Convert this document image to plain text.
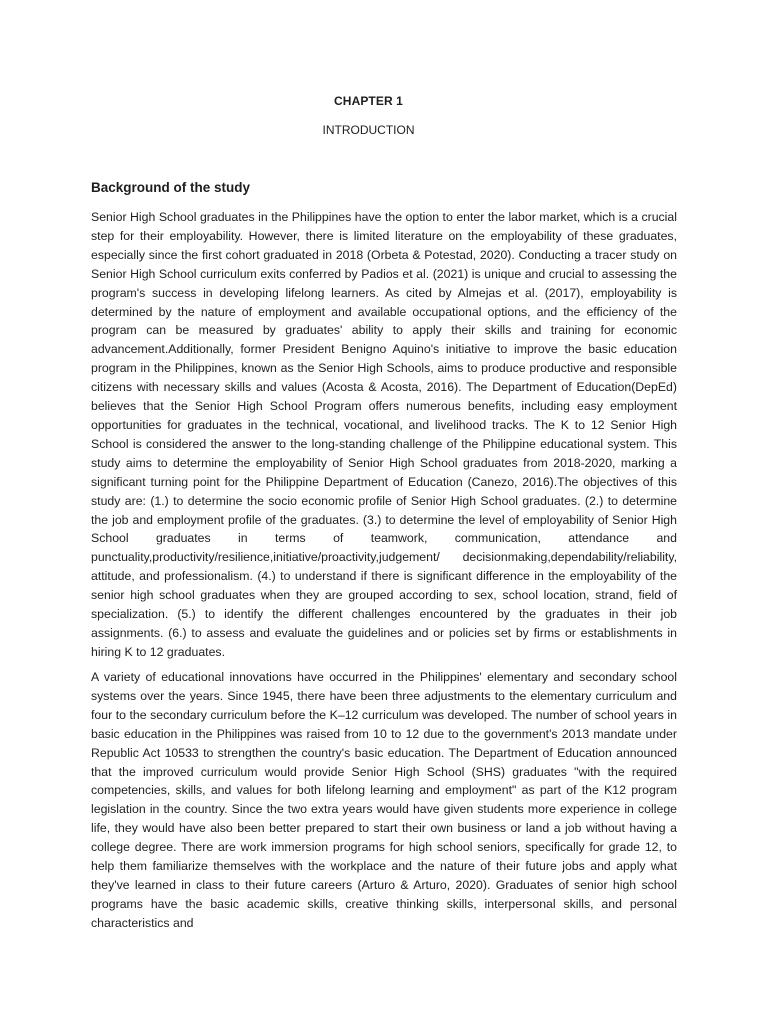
CHAPTER 1
INTRODUCTION
Background of the study

Senior High School graduates in the Philippines have the option to enter the labor market, which is a crucial step for their employability. However, there is limited literature on the employability of these graduates, especially since the first cohort graduated in 2018 (Orbeta & Potestad, 2020). Conducting a tracer study on Senior High School curriculum exits conferred by Padios et al. (2021) is unique and crucial to assessing the program's success in developing lifelong learners. As cited by Almejas et al. (2017), employability is determined by the nature of employment and available occupational options, and the efficiency of the program can be measured by graduates' ability to apply their skills and training for economic advancement.Additionally, former President Benigno Aquino's initiative to improve the basic education program in the Philippines, known as the Senior High Schools, aims to produce productive and responsible citizens with necessary skills and values (Acosta & Acosta, 2016). The Department of Education(DepEd) believes that the Senior High School Program offers numerous benefits, including easy employment opportunities for graduates in the technical, vocational, and livelihood tracks. The K to 12 Senior High School is considered the answer to the long-standing challenge of the Philippine educational system. This study aims to determine the employability of Senior High School graduates from 2018-2020, marking a significant turning point for the Philippine Department of Education (Canezo, 2016).The objectives of this study are: (1.) to determine the socio economic profile of Senior High School graduates. (2.) to determine the job and employment profile of the graduates. (3.) to determine the level of employability of Senior High School graduates in terms of teamwork, communication, attendance and punctuality,productivity/resilience,initiative/proactivity,judgement/ decisionmaking,dependability/reliability, attitude, and professionalism. (4.) to understand if there is significant difference in the employability of the senior high school graduates when they are grouped according to sex, school location, strand, field of specialization. (5.) to identify the different challenges encountered by the graduates in their job assignments. (6.) to assess and evaluate the guidelines and or policies set by firms or establishments in hiring K to 12 graduates.

A variety of educational innovations have occurred in the Philippines' elementary and secondary school systems over the years. Since 1945, there have been three adjustments to the elementary curriculum and four to the secondary curriculum before the K–12 curriculum was developed. The number of school years in basic education in the Philippines was raised from 10 to 12 due to the government's 2013 mandate under Republic Act 10533 to strengthen the country's basic education. The Department of Education announced that the improved curriculum would provide Senior High School (SHS) graduates "with the required competencies, skills, and values for both lifelong learning and employment" as part of the K12 program legislation in the country. Since the two extra years would have given students more experience in college life, they would have also been better prepared to start their own business or land a job without having a college degree. There are work immersion programs for high school seniors, specifically for grade 12, to help them familiarize themselves with the workplace and the nature of their future jobs and apply what they've learned in class to their future careers (Arturo & Arturo, 2020). Graduates of senior high school programs have the basic academic skills, creative thinking skills, interpersonal skills, and personal characteristics and
